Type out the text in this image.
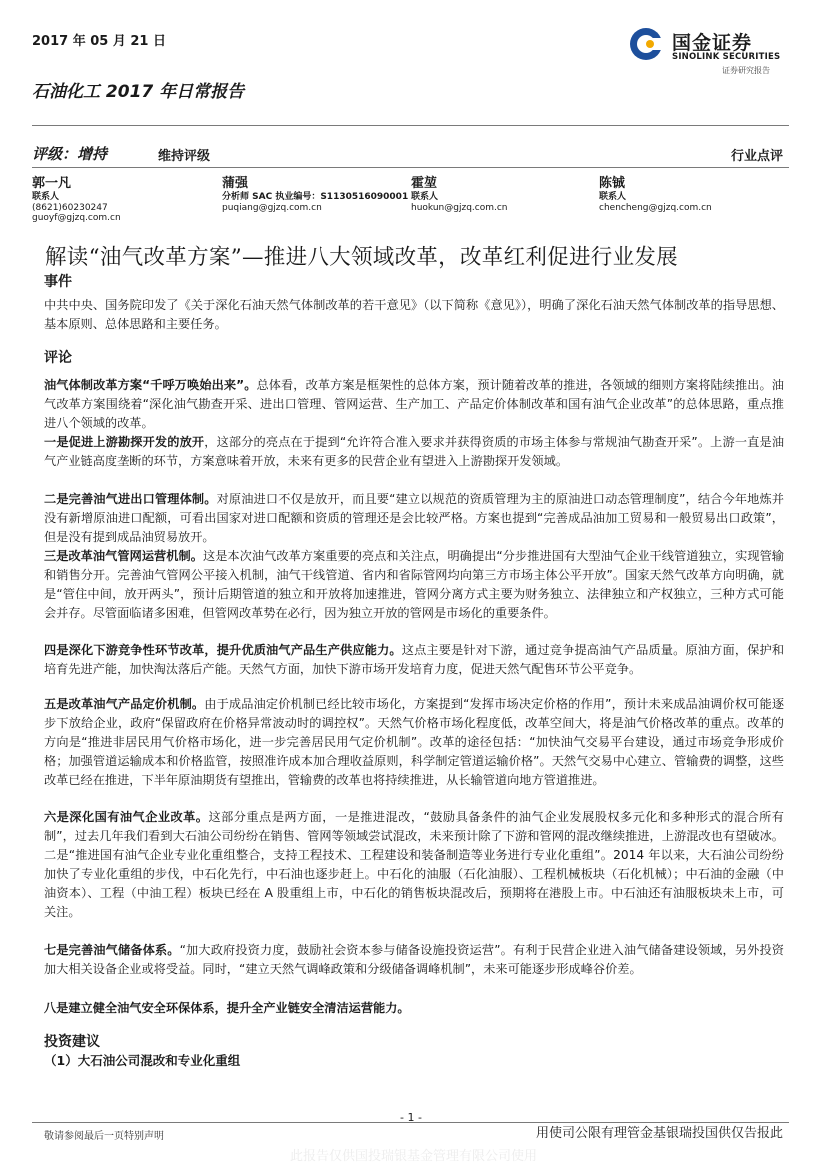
2017 年 05 月 21 日
石油化工 2017 年日常报告
国金证券
SINOLINK SECURITIES
证券研究报告
评级：增持	维持评级	行业点评
郭一凡
联系人
(8621)60230247
guoyf@gjzq.com.cn
蒲强
分析师 SAC 执业编号：S1130516090001
puqiang@gjzq.com.cn
霍堃
联系人
huokun@gjzq.com.cn
陈铖
联系人
chencheng@gjzq.com.cn
解读“油气改革方案”—推进八大领域改革，改革红利促进行业发展
事件
中共中央、国务院印发了《关于深化石油天然气体制改革的若干意见》（以下简称《意见》），明确了深化石油天然气体制改革的指导思想、基本原则、总体思路和主要任务。
评论
油气体制改革方案“千呼万唤始出来”。总体看，改革方案是框架性的总体方案，预计随着改革的推进，各领域的细则方案将陆续推出。油气改革方案围绕着“深化油气勘查开采、进出口管理、管网运营、生产加工、产品定价体制改革和国有油气企业改革”的总体思路，重点推进八个领域的改革。
一是促进上游勘探开发的放开，这部分的亮点在于提到“允许符合准入要求并获得资质的市场主体参与常规油气勘查开采”。上游一直是油气产业链高度垄断的环节，方案意味着开放，未来有更多的民营企业有望进入上游勘探开发领域。
二是完善油气进出口管理体制。对原油进口不仅是放开，而且要“建立以规范的资质管理为主的原油进口动态管理制度”，结合今年地炼并没有新增原油进口配额，可看出国家对进口配额和资质的管理还是会比较严格。方案也提到“完善成品油加工贸易和一般贸易出口政策”，但是没有提到成品油贸易放开。
三是改革油气管网运营机制。这是本次油气改革方案重要的亮点和关注点，明确提出“分步推进国有大型油气企业干线管道独立，实现管输和销售分开。完善油气管网公平接入机制，油气干线管道、省内和省际管网均向第三方市场主体公平开放”。国家天然气改革方向明确，就是“管住中间，放开两头”，预计后期管道的独立和开放将加速推进，管网分离方式主要为财务独立、法律独立和产权独立，三种方式可能会并存。尽管面临诸多困难，但管网改革势在必行，因为独立开放的管网是市场化的重要条件。
四是深化下游竞争性环节改革，提升优质油气产品生产供应能力。这点主要是针对下游，通过竞争提高油气产品质量。原油方面，保护和培育先进产能，加快淘汰落后产能。天然气方面，加快下游市场开发培育力度，促进天然气配售环节公平竞争。
五是改革油气产品定价机制。由于成品油定价机制已经比较市场化，方案提到“发挥市场决定价格的作用”，预计未来成品油调价权可能逐步下放给企业，政府“保留政府在价格异常波动时的调控权”。天然气价格市场化程度低，改革空间大，将是油气价格改革的重点。改革的方向是“推进非居民用气价格市场化，进一步完善居民用气定价机制”。改革的途径包括：“加快油气交易平台建设，通过市场竞争形成价格；加强管道运输成本和价格监管，按照准许成本加合理收益原则，科学制定管道运输价格”。天然气交易中心建立、管输费的调整，这些改革已经在推进，下半年原油期货有望推出，管输费的改革也将持续推进，从长输管道向地方管道推进。
六是深化国有油气企业改革。这部分重点是两方面，一是推进混改，“鼓励具备条件的油气企业发展股权多元化和多种形式的混合所有制”，过去几年我们看到大石油公司纷纷在销售、管网等领域尝试混改，未来预计除了下游和管网的混改继续推进，上游混改也有望破冰。二是“推进国有油气企业专业化重组整合，支持工程技术、工程建设和装备制造等业务进行专业化重组”。2014 年以来，大石油公司纷纷加快了专业化重组的步伐，中石化先行，中石油也逐步赶上。中石化的油服（石化油服）、工程机械板块（石化机械）；中石油的金融（中油资本）、工程（中油工程）板块已经在 A 股重组上市，中石化的销售板块混改后，预期将在港股上市。中石油还有油服板块未上市，可关注。
七是完善油气储备体系。“加大政府投资力度，鼓励社会资本参与储备设施投资运营”。有利于民营企业进入油气储备建设领域，另外投资加大相关设备企业或将受益。同时，“建立天然气调峰政策和分级储备调峰机制”，未来可能逐步形成峰谷价差。
八是建立健全油气安全环保体系，提升全产业链安全清洁运营能力。
投资建议
（1）大石油公司混改和专业化重组
- 1 -
敬请参阅最后一页特别声明	用使司公限有理管金基银瑞投国供仅告报此
此报告仅供国投瑞银基金管理有限公司使用
